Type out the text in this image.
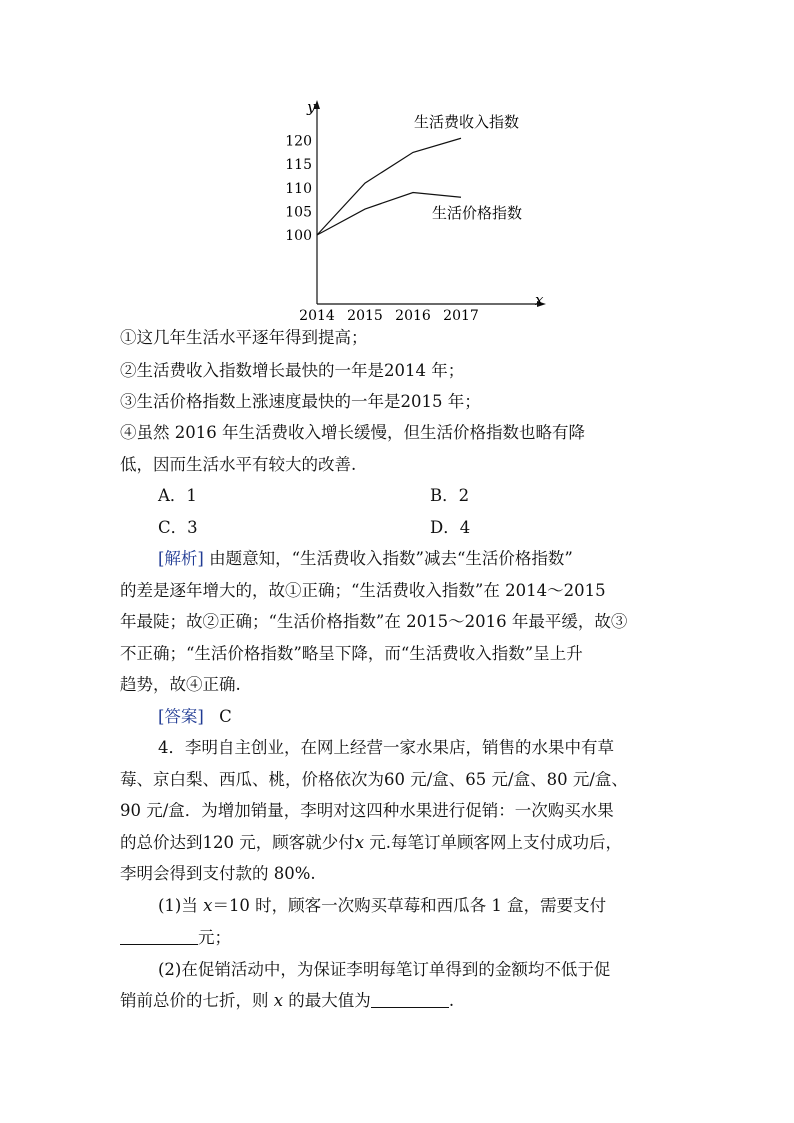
y
x
100
105
110
115
120
2014 2015 2016 2017
生活费收入指数
生活价格指数
①这几年生活水平逐年得到提高；
②生活费收入指数增长最快的一年是2014 年；
③生活价格指数上涨速度最快的一年是2015 年；
④虽然 2016 年生活费收入增长缓慢，但生活价格指数也略有降
低，因而生活水平有较大的改善.
A．1	B．2
C．3	D．4
[解析] 由题意知，“生活费收入指数”减去“生活价格指数”
的差是逐年增大的，故①正确；“生活费收入指数”在 2014～2015
年最陡；故②正确；“生活价格指数”在 2015～2016 年最平缓，故③
不正确；“生活价格指数”略呈下降，而“生活费收入指数”呈上升
趋势，故④正确.
[答案] C
4．李明自主创业，在网上经营一家水果店，销售的水果中有草
莓、京白梨、西瓜、桃，价格依次为60 元/盒、65 元/盒、80 元/盒、
90 元/盒．为增加销量，李明对这四种水果进行促销：一次购买水果
的总价达到120 元，顾客就少付x 元.每笔订单顾客网上支付成功后，
李明会得到支付款的 80%.
(1)当 x＝10 时，顾客一次购买草莓和西瓜各 1 盒，需要支付
元；
(2)在促销活动中，为保证李明每笔订单得到的金额均不低于促
销前总价的七折，则 x 的最大值为	.
